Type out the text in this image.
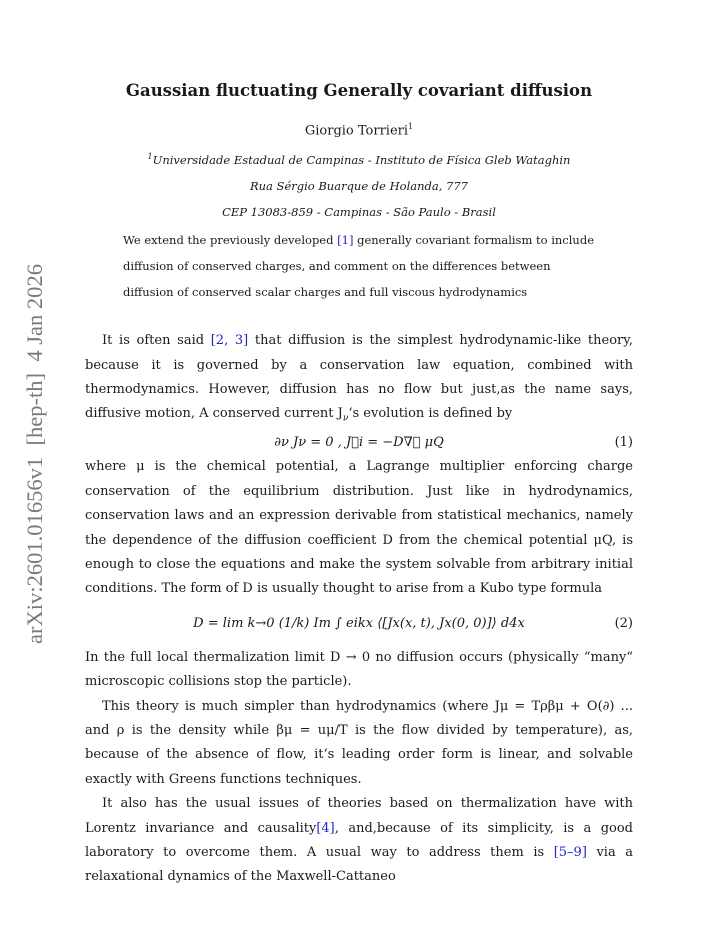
arXiv:2601.01656v1  [hep-th]  4 Jan 2026
Gaussian fluctuating Generally covariant diffusion
Giorgio Torrieri$^1$
$^1$Universidade Estadual de Campinas - Instituto de Física Gleb Wataghin
Rua Sérgio Buarque de Holanda, 777
CEP 13083-859 - Campinas - São Paulo - Brasil
We extend the previously developed [1] generally covariant formalism to include diffusion of conserved charges, and comment on the differences between diffusion of conserved scalar charges and full viscous hydrodynamics
It is often said [2, 3] that diffusion is the simplest hydrodynamic-like theory, because it is governed by a conservation law equation, combined with thermodynamics. However, diffusion has no flow but just,as the name says, diffusive motion, A conserved current $J_\nu‘s$ evolution is defined by
∂ν Jν = 0 , J⃗i = −D∇⃗ μQ	(1)
where μ is the chemical potential, a Lagrange multiplier enforcing charge conservation of the equilibrium distribution. Just like in hydrodynamics, conservation laws and an expression derivable from statistical mechanics, namely the dependence of the diffusion coefficient D from the chemical potential μQ, is enough to close the equations and make the system solvable from arbitrary initial conditions. The form of D is usually thought to arise from a Kubo type formula
D = lim k→0 (1/k) Im ∫ eikx ⟨[Jx(x, t), Jx(0, 0)]⟩ d4x	(2)
In the full local thermalization limit D → 0 no diffusion occurs (physically “many“ microscopic collisions stop the particle).
This theory is much simpler than hydrodynamics (where Jμ = Tρβμ + O(∂) ... and ρ is the density while βμ = uμ/T is the flow divided by temperature), as, because of the absence of flow, it‘s leading order form is linear, and solvable exactly with Greens functions techniques.
It also has the usual issues of theories based on thermalization have with Lorentz invariance and causality[4], and,because of its simplicity, is a good laboratory to overcome them. A usual way to address them is [5–9] via a relaxational dynamics of the Maxwell-Cattaneo
